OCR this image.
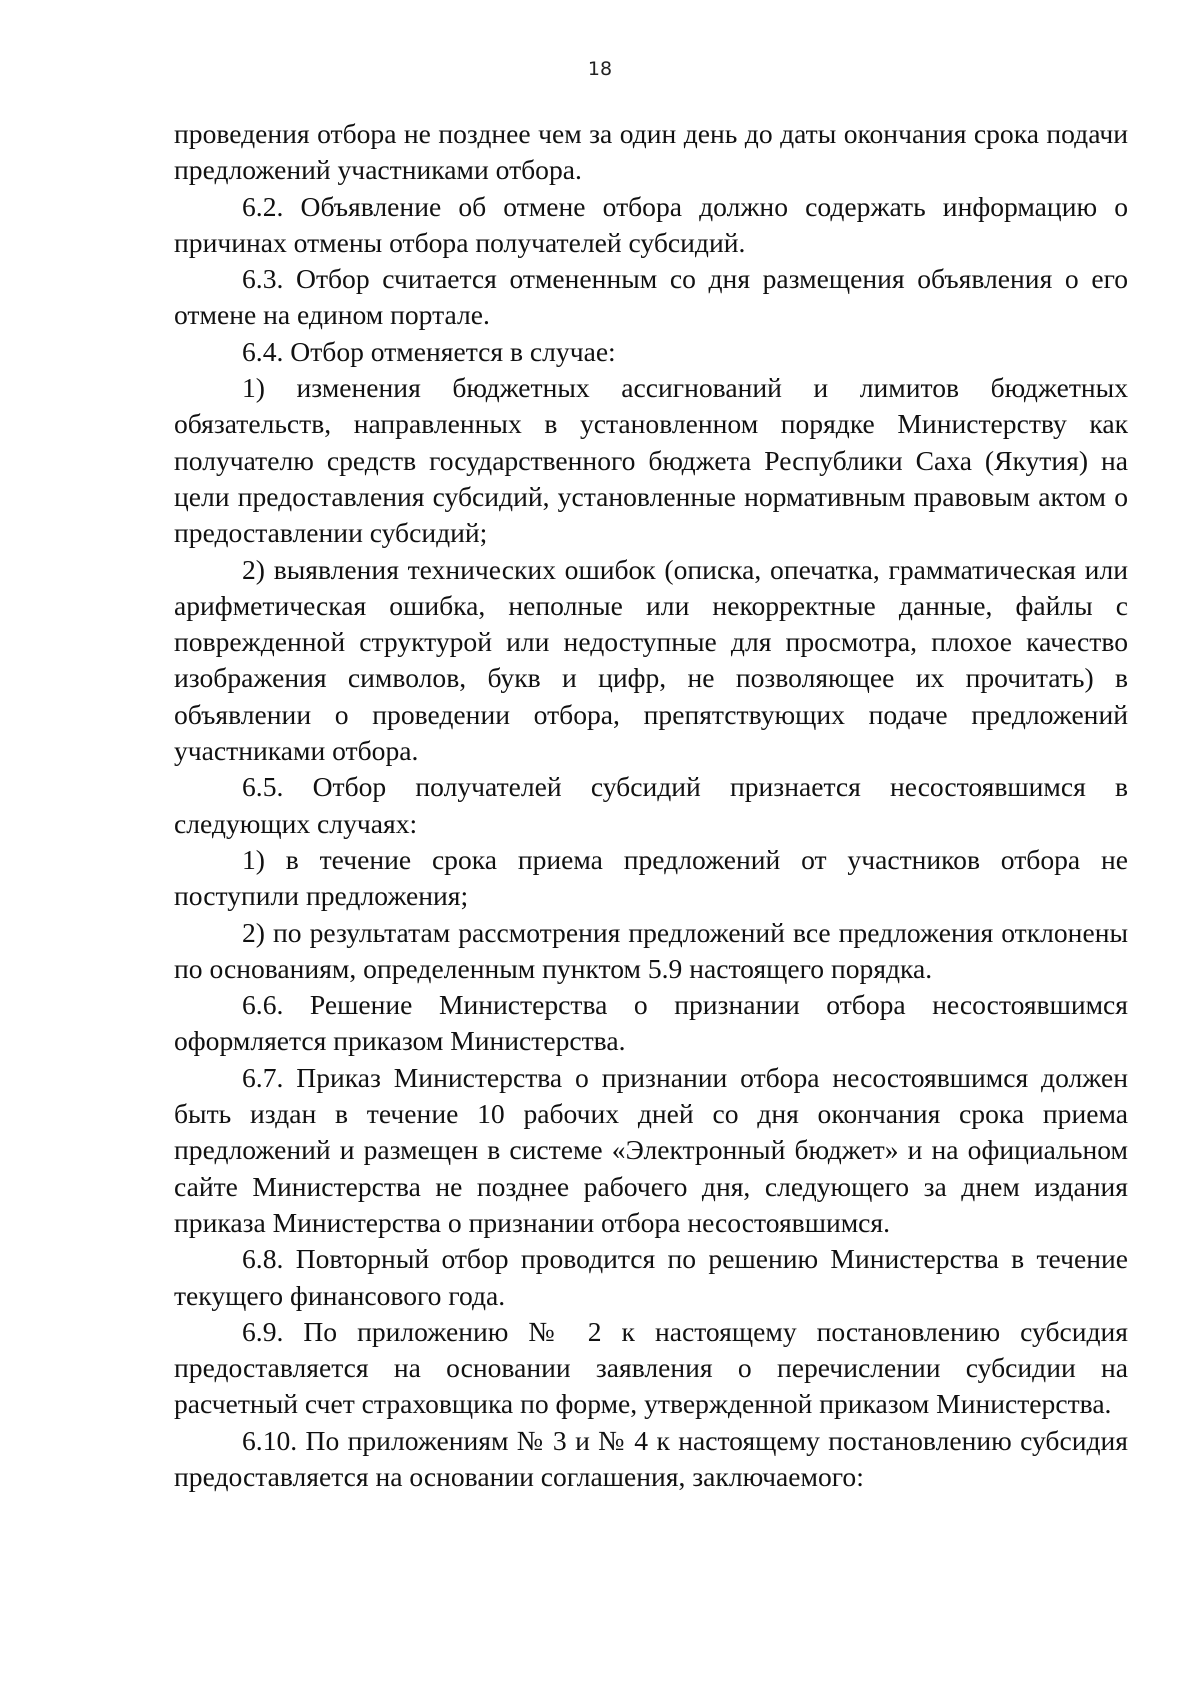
18

проведения отбора не позднее чем за один день до даты окончания срока подачи предложений участниками отбора.

6.2. Объявление об отмене отбора должно содержать информацию о причинах отмены отбора получателей субсидий.

6.3. Отбор считается отмененным со дня размещения объявления о его отмене на едином портале.

6.4. Отбор отменяется в случае:

1) изменения бюджетных ассигнований и лимитов бюджетных обязательств, направленных в установленном порядке Министерству как получателю средств государственного бюджета Республики Саха (Якутия) на цели предоставления субсидий, установленные нормативным правовым актом о предоставлении субсидий;

2) выявления технических ошибок (описка, опечатка, грамматическая или арифметическая ошибка, неполные или некорректные данные, файлы с поврежденной структурой или недоступные для просмотра, плохое качество изображения символов, букв и цифр, не позволяющее их прочитать) в объявлении о проведении отбора, препятствующих подаче предложений участниками отбора.

6.5. Отбор получателей субсидий признается несостоявшимся в следующих случаях:

1) в течение срока приема предложений от участников отбора не поступили предложения;

2) по результатам рассмотрения предложений все предложения отклонены по основаниям, определенным пунктом 5.9 настоящего порядка.

6.6. Решение Министерства о признании отбора несостоявшимся оформляется приказом Министерства.

6.7. Приказ Министерства о признании отбора несостоявшимся должен быть издан в течение 10 рабочих дней со дня окончания срока приема предложений и размещен в системе «Электронный бюджет» и на официальном сайте Министерства не позднее рабочего дня, следующего за днем издания приказа Министерства о признании отбора несостоявшимся.

6.8. Повторный отбор проводится по решению Министерства в течение текущего финансового года.

6.9. По приложению № 2 к настоящему постановлению субсидия предоставляется на основании заявления о перечислении субсидии на расчетный счет страховщика по форме, утвержденной приказом Министерства.

6.10. По приложениям № 3 и № 4 к настоящему постановлению субсидия предоставляется на основании соглашения, заключаемого:
